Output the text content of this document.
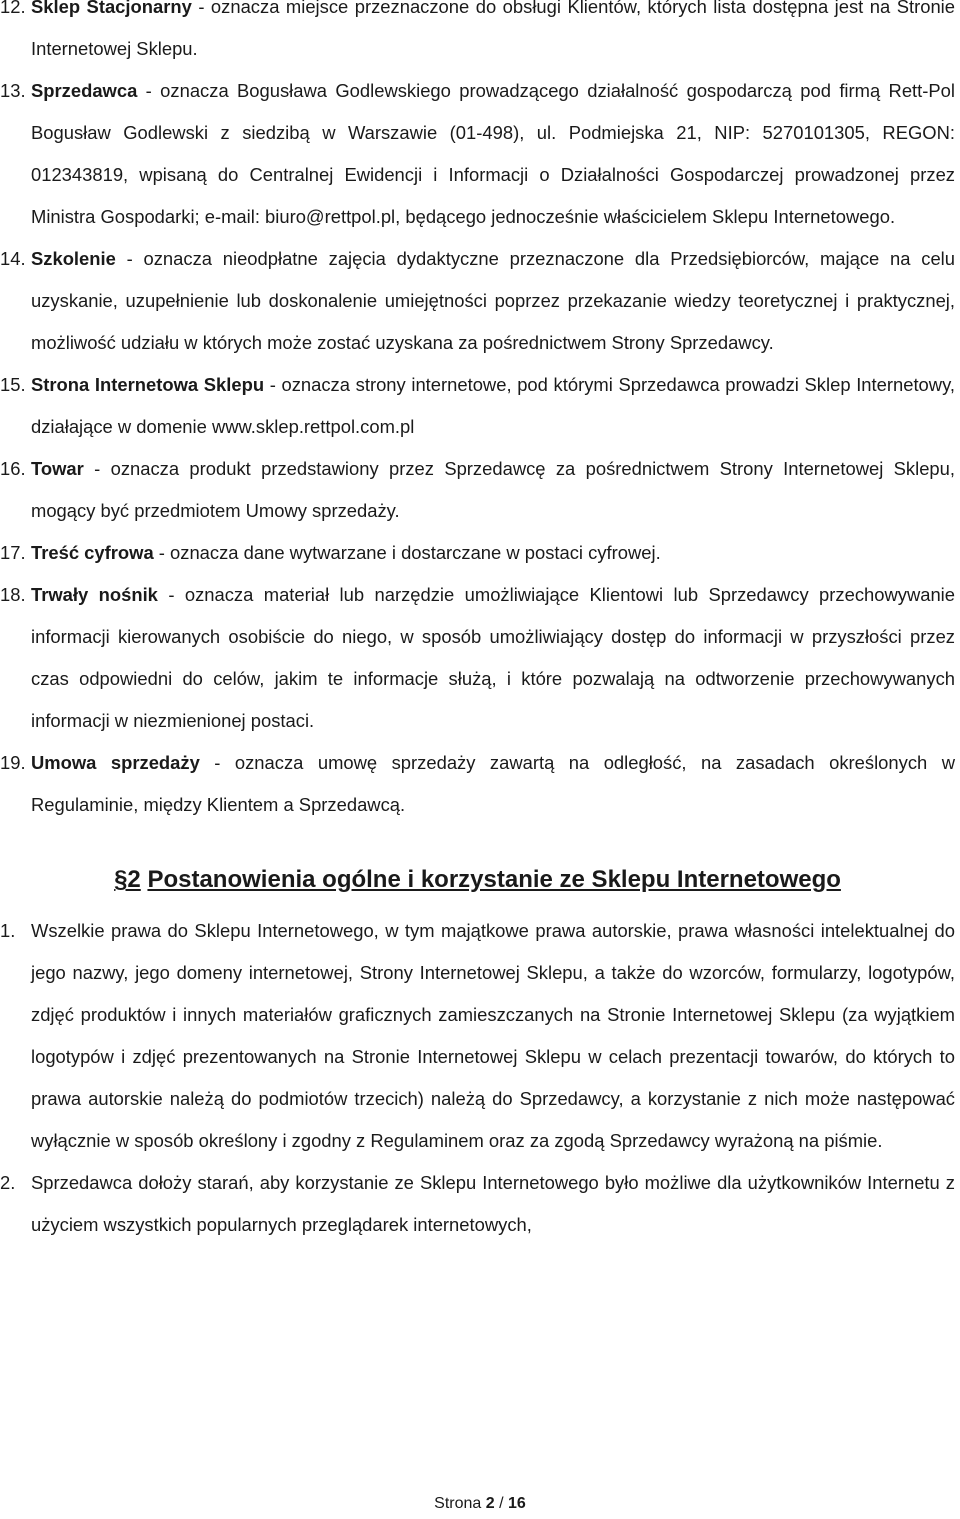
12. Sklep Stacjonarny - oznacza miejsce przeznaczone do obsługi Klientów, których lista dostępna jest na Stronie Internetowej Sklepu.
13. Sprzedawca - oznacza Bogusława Godlewskiego prowadzącego działalność gospodarczą pod firmą Rett-Pol Bogusław Godlewski z siedzibą w Warszawie (01-498), ul. Podmiejska 21, NIP: 5270101305, REGON: 012343819, wpisaną do Centralnej Ewidencji i Informacji o Działalności Gospodarczej prowadzonej przez Ministra Gospodarki; e-mail: biuro@rettpol.pl, będącego jednocześnie właścicielem Sklepu Internetowego.
14. Szkolenie - oznacza nieodpłatne zajęcia dydaktyczne przeznaczone dla Przedsiębiorców, mające na celu uzyskanie, uzupełnienie lub doskonalenie umiejętności poprzez przekazanie wiedzy teoretycznej i praktycznej, możliwość udziału w których może zostać uzyskana za pośrednictwem Strony Sprzedawcy.
15. Strona Internetowa Sklepu - oznacza strony internetowe, pod którymi Sprzedawca prowadzi Sklep Internetowy, działające w domenie www.sklep.rettpol.com.pl
16. Towar - oznacza produkt przedstawiony przez Sprzedawcę za pośrednictwem Strony Internetowej Sklepu, mogący być przedmiotem Umowy sprzedaży.
17. Treść cyfrowa - oznacza dane wytwarzane i dostarczane w postaci cyfrowej.
18. Trwały nośnik - oznacza materiał lub narzędzie umożliwiające Klientowi lub Sprzedawcy przechowywanie informacji kierowanych osobiście do niego, w sposób umożliwiający dostęp do informacji w przyszłości przez czas odpowiedni do celów, jakim te informacje służą, i które pozwalają na odtworzenie przechowywanych informacji w niezmienionej postaci.
19. Umowa sprzedaży - oznacza umowę sprzedaży zawartą na odległość, na zasadach określonych w Regulaminie, między Klientem a Sprzedawcą.
§2 Postanowienia ogólne i korzystanie ze Sklepu Internetowego
1. Wszelkie prawa do Sklepu Internetowego, w tym majątkowe prawa autorskie, prawa własności intelektualnej do jego nazwy, jego domeny internetowej, Strony Internetowej Sklepu, a także do wzorców, formularzy, logotypów, zdjęć produktów i innych materiałów graficznych zamieszczanych na Stronie Internetowej Sklepu (za wyjątkiem logotypów i zdjęć prezentowanych na Stronie Internetowej Sklepu w celach prezentacji towarów, do których to prawa autorskie należą do podmiotów trzecich) należą do Sprzedawcy, a korzystanie z nich może następować wyłącznie w sposób określony i zgodny z Regulaminem oraz za zgodą Sprzedawcy wyrażoną na piśmie.
2. Sprzedawca dołoży starań, aby korzystanie ze Sklepu Internetowego było możliwe dla użytkowników Internetu z użyciem wszystkich popularnych przeglądarek internetowych,
Strona 2 / 16
